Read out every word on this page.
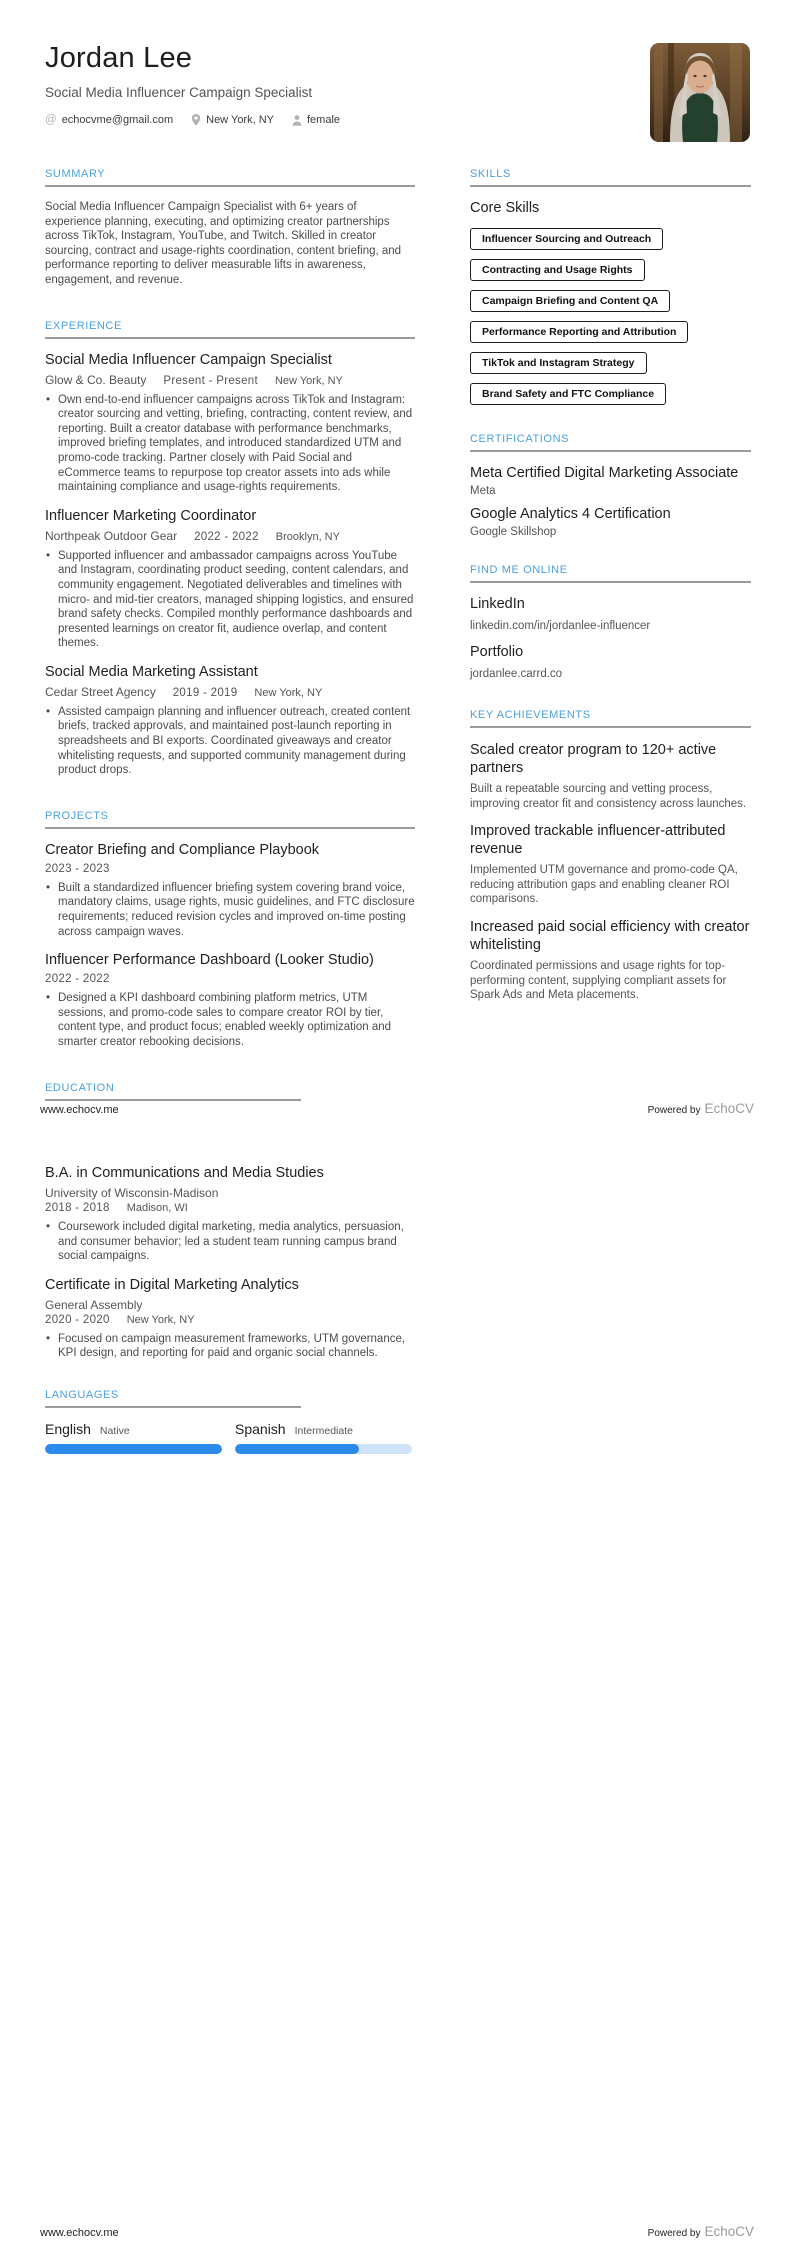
Jordan Lee
Social Media Influencer Campaign Specialist
@ echocvme@gmail.com	New York, NY	female
SUMMARY
Social Media Influencer Campaign Specialist with 6+ years of experience planning, executing, and optimizing creator partnerships across TikTok, Instagram, YouTube, and Twitch. Skilled in creator sourcing, contract and usage-rights coordination, content briefing, and performance reporting to deliver measurable lifts in awareness, engagement, and revenue.
EXPERIENCE
Social Media Influencer Campaign Specialist
Glow & Co. Beauty Present - Present New York, NY
• Own end-to-end influencer campaigns across TikTok and Instagram: creator sourcing and vetting, briefing, contracting, content review, and reporting. Built a creator database with performance benchmarks, improved briefing templates, and introduced standardized UTM and promo-code tracking. Partner closely with Paid Social and eCommerce teams to repurpose top creator assets into ads while maintaining compliance and usage-rights requirements.
Influencer Marketing Coordinator
Northpeak Outdoor Gear 2022 - 2022 Brooklyn, NY
• Supported influencer and ambassador campaigns across YouTube and Instagram, coordinating product seeding, content calendars, and community engagement. Negotiated deliverables and timelines with micro- and mid-tier creators, managed shipping logistics, and ensured brand safety checks. Compiled monthly performance dashboards and presented learnings on creator fit, audience overlap, and content themes.
Social Media Marketing Assistant
Cedar Street Agency 2019 - 2019 New York, NY
• Assisted campaign planning and influencer outreach, created content briefs, tracked approvals, and maintained post-launch reporting in spreadsheets and BI exports. Coordinated giveaways and creator whitelisting requests, and supported community management during product drops.
PROJECTS
Creator Briefing and Compliance Playbook
2023 - 2023
• Built a standardized influencer briefing system covering brand voice, mandatory claims, usage rights, music guidelines, and FTC disclosure requirements; reduced revision cycles and improved on-time posting across campaign waves.
Influencer Performance Dashboard (Looker Studio)
2022 - 2022
• Designed a KPI dashboard combining platform metrics, UTM sessions, and promo-code sales to compare creator ROI by tier, content type, and product focus; enabled weekly optimization and smarter creator rebooking decisions.
EDUCATION
SKILLS
Core Skills
Influencer Sourcing and Outreach
Contracting and Usage Rights
Campaign Briefing and Content QA
Performance Reporting and Attribution
TikTok and Instagram Strategy
Brand Safety and FTC Compliance
CERTIFICATIONS
Meta Certified Digital Marketing Associate
Meta
Google Analytics 4 Certification
Google Skillshop
FIND ME ONLINE
LinkedIn
linkedin.com/in/jordanlee-influencer
Portfolio
jordanlee.carrd.co
KEY ACHIEVEMENTS
Scaled creator program to 120+ active partners
Built a repeatable sourcing and vetting process, improving creator fit and consistency across launches.
Improved trackable influencer-attributed revenue
Implemented UTM governance and promo-code QA, reducing attribution gaps and enabling cleaner ROI comparisons.
Increased paid social efficiency with creator whitelisting
Coordinated permissions and usage rights for top-performing content, supplying compliant assets for Spark Ads and Meta placements.
www.echocv.me	Powered by EchoCV
B.A. in Communications and Media Studies
University of Wisconsin-Madison
2018 - 2018 Madison, WI
• Coursework included digital marketing, media analytics, persuasion, and consumer behavior; led a student team running campus brand social campaigns.
Certificate in Digital Marketing Analytics
General Assembly
2020 - 2020 New York, NY
• Focused on campaign measurement frameworks, UTM governance, KPI design, and reporting for paid and organic social channels.
LANGUAGES
English Native	Spanish Intermediate
www.echocv.me	Powered by EchoCV
